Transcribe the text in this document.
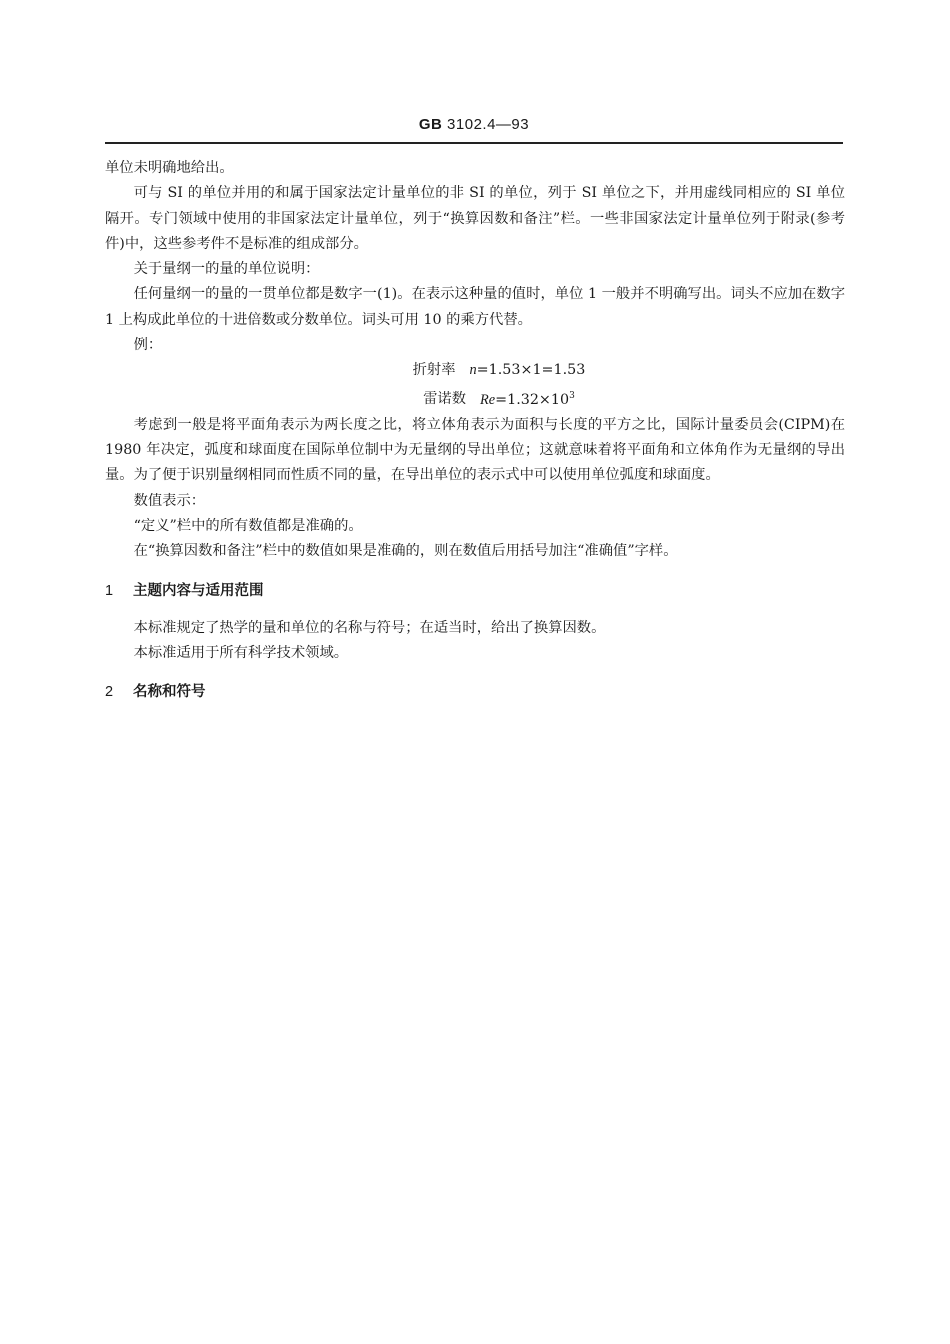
GB 3102.4—93

单位未明确地给出。

可与 SI 的单位并用的和属于国家法定计量单位的非 SI 的单位，列于 SI 单位之下，并用虚线同相应的 SI 单位隔开。专门领域中使用的非国家法定计量单位，列于“换算因数和备注”栏。一些非国家法定计量单位列于附录(参考件)中，这些参考件不是标准的组成部分。

关于量纲一的量的单位说明：

任何量纲一的量的一贯单位都是数字一(1)。在表示这种量的值时，单位 1 一般并不明确写出。词头不应加在数字 1 上构成此单位的十进倍数或分数单位。词头可用 10 的乘方代替。

例：

折射率 n=1.53×1=1.53

雷诺数 $Re=1.32\times 10^3$

考虑到一般是将平面角表示为两长度之比，将立体角表示为面积与长度的平方之比，国际计量委员会(CIPM)在 1980 年决定，弧度和球面度在国际单位制中为无量纲的导出单位；这就意味着将平面角和立体角作为无量纲的导出量。为了便于识别量纲相同而性质不同的量，在导出单位的表示式中可以使用单位弧度和球面度。

数值表示：

“定义”栏中的所有数值都是准确的。

在“换算因数和备注”栏中的数值如果是准确的，则在数值后用括号加注“准确值”字样。

1 主题内容与适用范围

本标准规定了热学的量和单位的名称与符号；在适当时，给出了换算因数。

本标准适用于所有科学技术领域。

2 名称和符号
